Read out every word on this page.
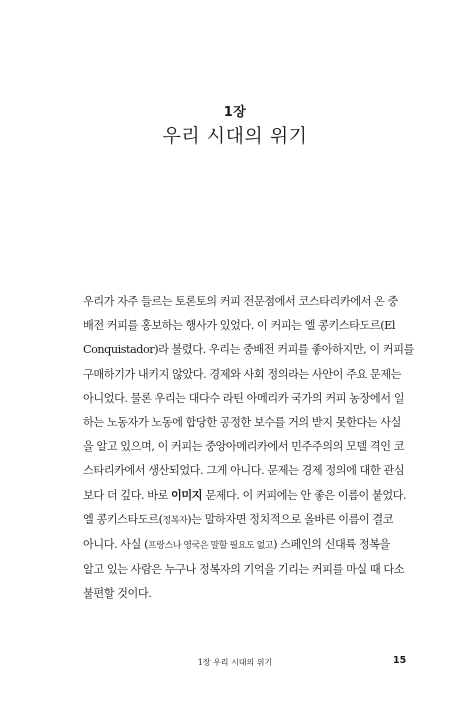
1장
우리 시대의 위기
우리가 자주 들르는 토론토의 커피 전문점에서 코스타리카에서 온 중
배전 커피를 홍보하는 행사가 있었다. 이 커피는 엘 콩키스타도르(El
Conquistador)라 불렸다. 우리는 중배전 커피를 좋아하지만, 이 커피를
구매하기가 내키지 않았다. 경제와 사회 정의라는 사안이 주요 문제는
아니었다. 물론 우리는 대다수 라틴 아메리카 국가의 커피 농장에서 일
하는 노동자가 노동에 합당한 공정한 보수를 거의 받지 못한다는 사실
을 알고 있으며, 이 커피는 중앙아메리카에서 민주주의의 모델 격인 코
스타리카에서 생산되었다. 그게 아니다. 문제는 경제 정의에 대한 관심
보다 더 깊다. 바로 이미지 문제다. 이 커피에는 안 좋은 이름이 붙었다.
엘 콩키스타도르(정복자)는 말하자면 정치적으로 올바른 이름이 결코
아니다. 사실 (프랑스나 영국은 말할 필요도 없고) 스페인의 신대륙 정복을
알고 있는 사람은 누구나 정복자의 기억을 기리는 커피를 마실 때 다소
불편할 것이다.
1장 우리 시대의 위기	15
